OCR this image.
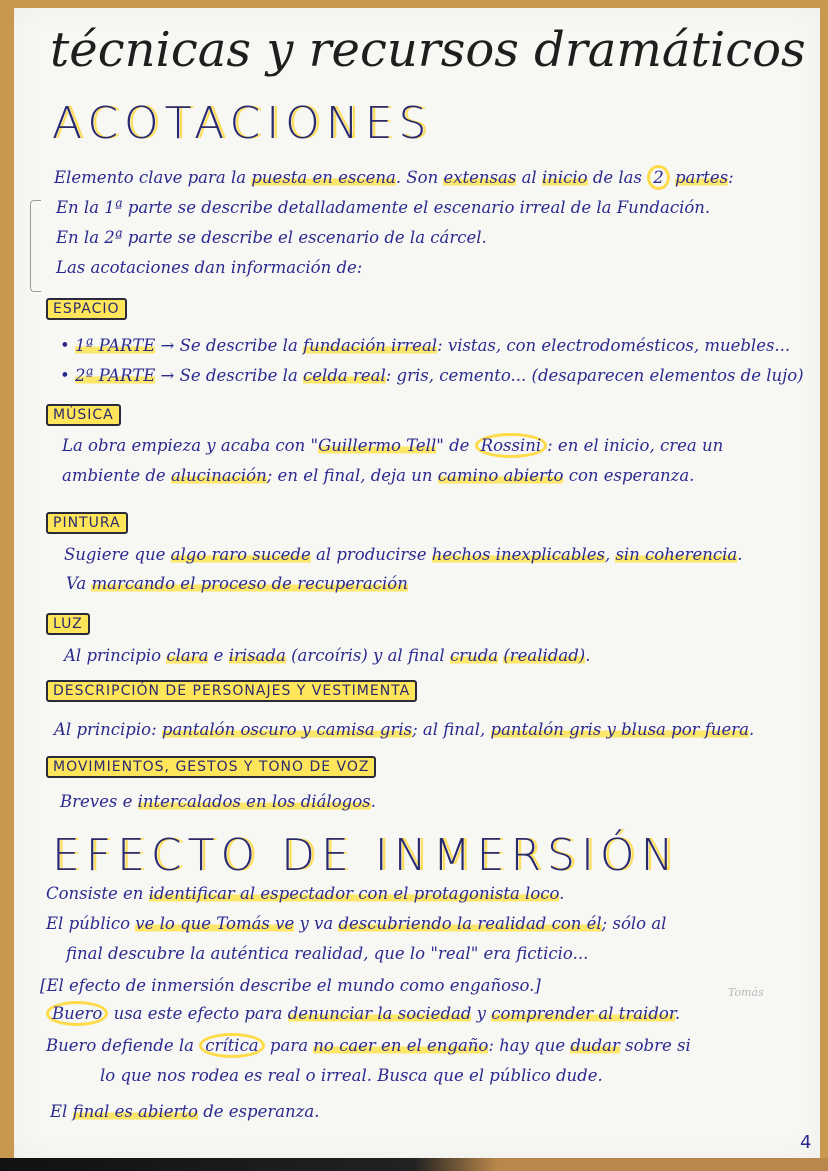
técnicas y recursos dramáticos
ACOTACIONES
Elemento clave para la puesta en escena. Son extensas al inicio de las 2 partes:
En la 1ª parte se describe detalladamente el escenario irreal de la Fundación.
En la 2ª parte se describe el escenario de la cárcel.
Las acotaciones dan información de:
ESPACIO
• 1ª PARTE → Se describe la fundación irreal: vistas, con electrodomésticos, muebles...
• 2ª PARTE → Se describe la celda real: gris, cemento... (desaparecen elementos de lujo)
MÚSICA
La obra empieza y acaba con "Guillermo Tell" de Rossini : en el inicio, crea un
ambiente de alucinación; en el final, deja un camino abierto con esperanza.
PINTURA
Sugiere que algo raro sucede al producirse hechos inexplicables, sin coherencia.
Va marcando el proceso de recuperación
LUZ
Al principio clara e irisada (arcoíris) y al final cruda (realidad).
DESCRIPCIÓN DE PERSONAJES Y VESTIMENTA
Al principio: pantalón oscuro y camisa gris; al final, pantalón gris y blusa por fuera.
MOVIMIENTOS, GESTOS Y TONO DE VOZ
Breves e intercalados en los diálogos.
EFECTO DE INMERSIÓN
Consiste en identificar al espectador con el protagonista loco.
El público ve lo que Tomás ve y va descubriendo la realidad con él; sólo al
final descubre la auténtica realidad, que lo "real" era ficticio...
[El efecto de inmersión describe el mundo como engañoso.]	Tomás
Buero usa este efecto para denunciar la sociedad y comprender al traidor.
Buero defiende la crítica para no caer en el engaño: hay que dudar sobre si
lo que nos rodea es real o irreal. Busca que el público dude.
El final es abierto de esperanza.
4
